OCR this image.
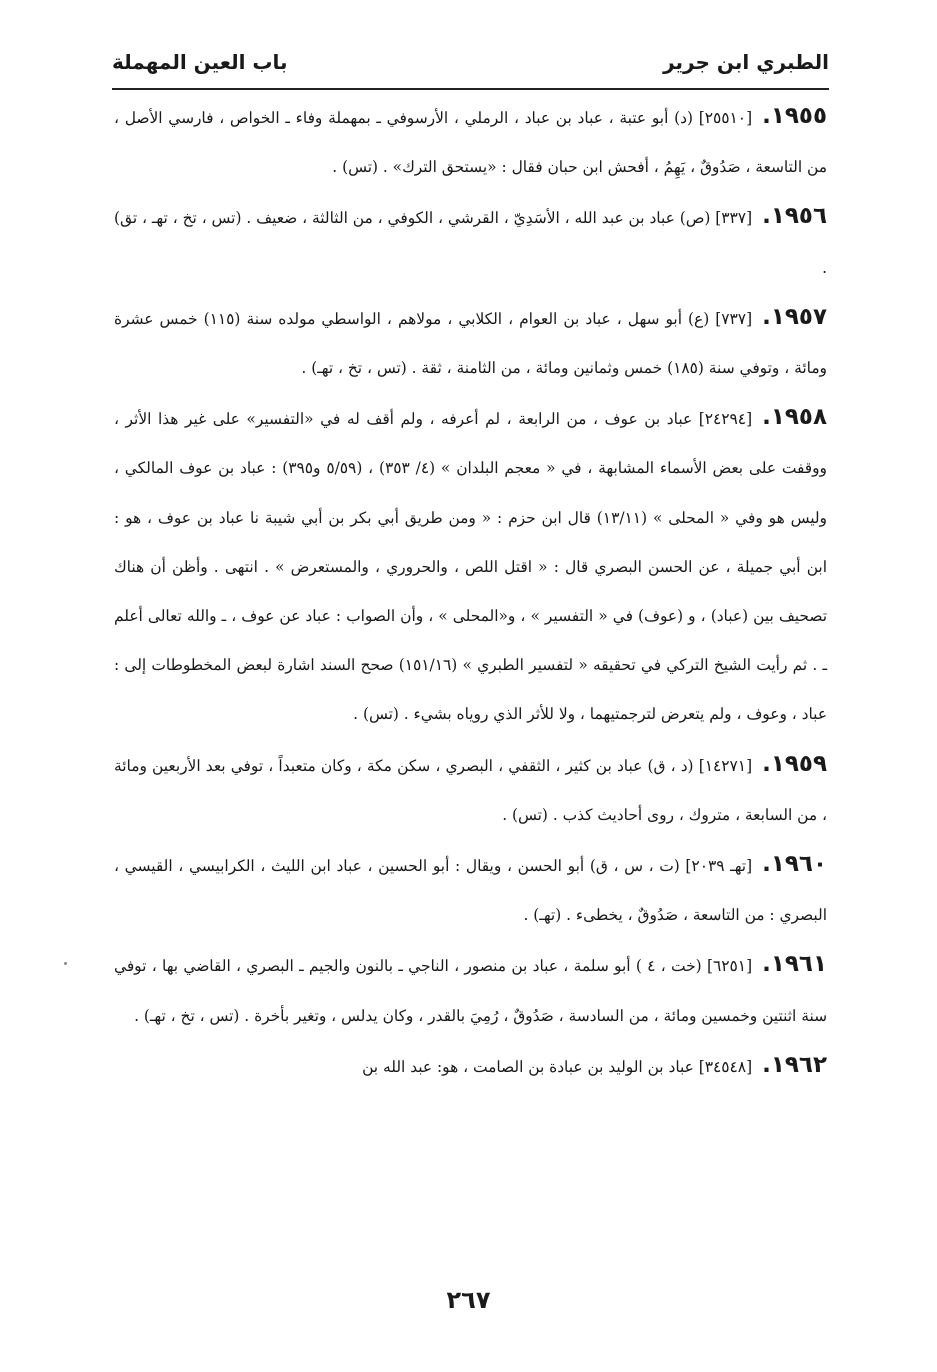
الطبري ابن جرير
باب العين المهملة

١٩٥٥.[٢٥٥١٠] (د) أبو عتبة ، عباد بن عباد ، الرملي ، الأرسوفي ـ بمهملة وفاء ـ الخواص ، فارسي الأصل ، من التاسعة ، صَدُوقٌ ، يَهِمُ ، أفحش ابن حبان فقال : «يستحق الترك» . (تس) .

١٩٥٦.[٣٣٧] (ص) عباد بن عبد الله ، الأسَدِيّ ، القرشي ، الكوفي ، من الثالثة ، ضعيف . (تس ، تخ ، تهـ ، تق) .

١٩٥٧.[٧٣٧] (ع) أبو سهل ، عباد بن العوام ، الكلابي ، مولاهم ، الواسطي مولده سنة (١١٥) خمس عشرة ومائة ، وتوفي سنة (١٨٥) خمس وثمانين ومائة ، من الثامنة ، ثقة . (تس ، تخ ، تهـ) .

١٩٥٨.[٢٤٢٩٤] عباد بن عوف ، من الرابعة ، لم أعرفه ، ولم أقف له في «التفسير» على غير هذا الأثر ، ووقفت على بعض الأسماء المشابهة ، في « معجم البلدان » (٤/ ٣٥٣) ، (٥/٥٩ و٣٩٥) : عباد بن عوف المالكي ، وليس هو وفي « المحلى » (١٣/١١) قال ابن حزم : « ومن طريق أبي بكر بن أبي شيبة نا عباد بن عوف ، هو : ابن أبي جميلة ، عن الحسن البصري قال : « اقتل اللص ، والحروري ، والمستعرض » . انتهى . وأظن أن هناك تصحيف بين (عباد) ، و (عوف) في « التفسير » ، و«المحلى » ، وأن الصواب : عباد عن عوف ، ـ والله تعالى أعلم ـ . ثم رأيت الشيخ التركي في تحقيقه « لتفسير الطبري » (١٥١/١٦) صحح السند اشارة لبعض المخطوطات إلى : عباد ، وعوف ، ولم يتعرض لترجمتيهما ، ولا للأثر الذي روياه بشيء . (تس) .

١٩٥٩.[١٤٢٧١] (د ، ق) عباد بن كثير ، الثقفي ، البصري ، سكن مكة ، وكان متعبداً ، توفي بعد الأربعين ومائة ، من السابعة ، متروك ، روى أحاديث كذب . (تس) .

١٩٦٠.[تهـ ٢٠٣٩] (ت ، س ، ق) أبو الحسن ، ويقال : أبو الحسين ، عباد ابن الليث ، الكرابيسي ، القيسي ، البصري : من التاسعة ، صَدُوقٌ ، يخطىء . (تهـ) .

١٩٦١.[٦٢٥١] (خت ، ٤ ) أبو سلمة ، عباد بن منصور ، الناجي ـ بالنون والجيم ـ البصري ، القاضي بها ، توفي سنة اثنتين وخمسين ومائة ، من السادسة ، صَدُوقٌ ، رُمِيَ بالقدر ، وكان يدلس ، وتغير بأخرة . (تس ، تخ ، تهـ) .

١٩٦٢.[٣٤٥٤٨] عباد بن الوليد بن عبادة بن الصامت ، هو: عبد الله بن

٢٦٧
